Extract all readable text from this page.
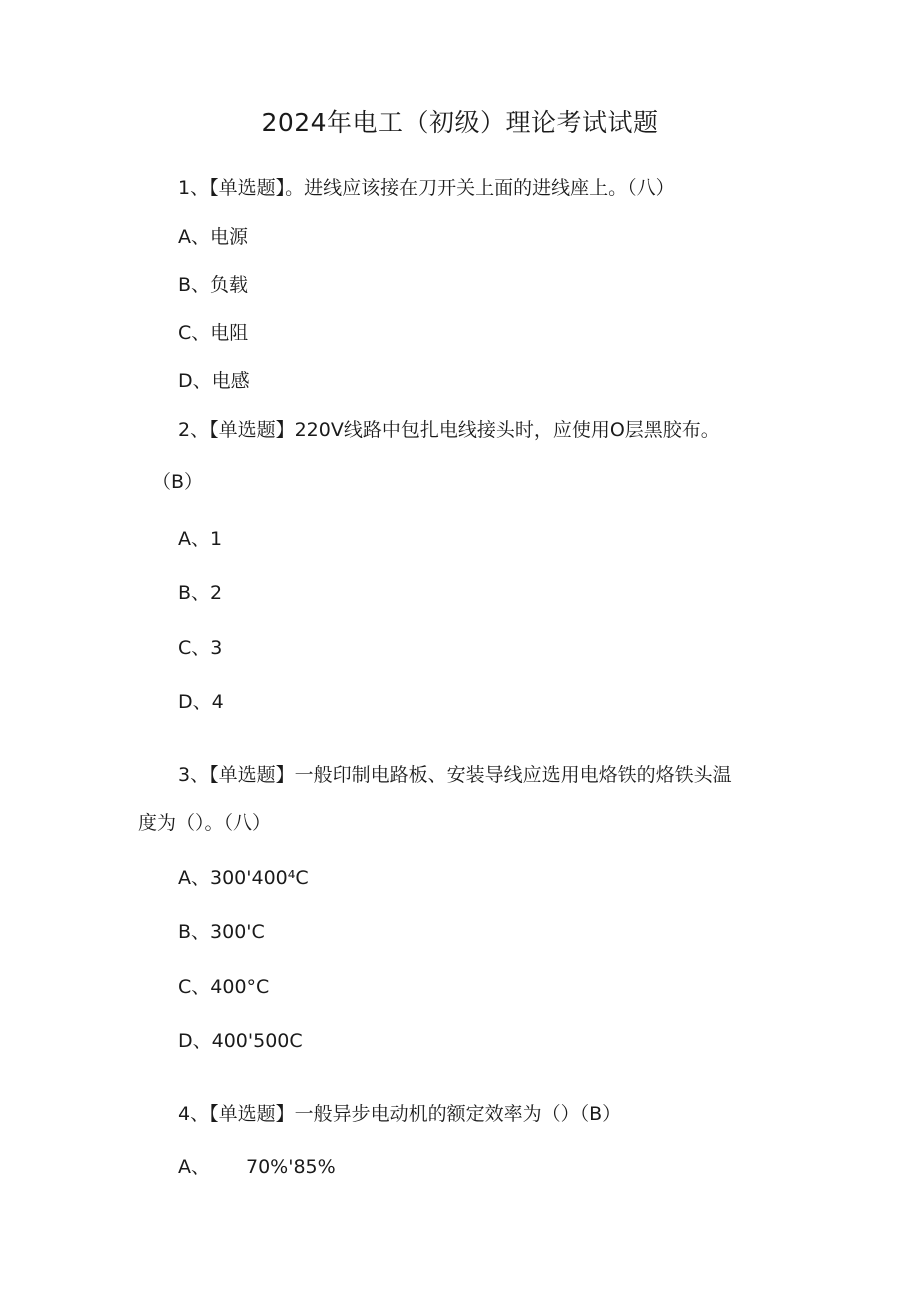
2024年电工（初级）理论考试试题
1、【单选题】。进线应该接在刀开关上面的进线座上。（八）
A、电源
B、负载
C、电阻
D、电感
2、【单选题】220V线路中包扎电线接头时，应使用O层黑胶布。
（B）
A、1
B、2
C、3
D、4
3、【单选题】一般印制电路板、安装导线应选用电烙铁的烙铁头温
度为（）。（八）
A、300'400⁴C
B、300'C
C、400°C
D、400'500C
4、【单选题】一般异步电动机的额定效率为（）（B）
A、 70%'85%
